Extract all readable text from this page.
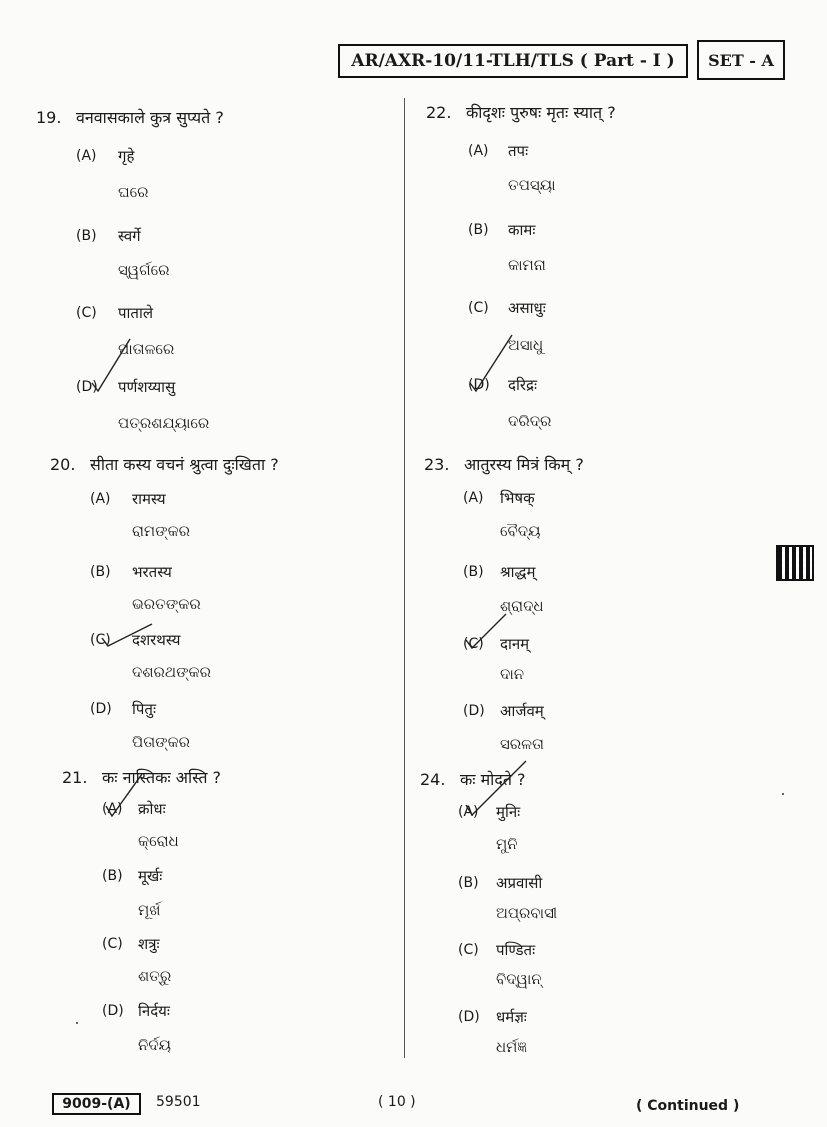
AR/AXR-10/11-TLH/TLS ( Part - I )	SET - A
19. वनवासकाले कुत्र सुप्यते ?
(A) गृहे
ଘରେ
(B) स्वर्गे
ସ୍ୱର୍ଗରେ
(C) पाताले
ପାତାଳରେ
(D) पर्णशय्यासु
ପତ୍ରଶଯ୍ୟାରେ
20. सीता कस्य वचनं श्रुत्वा दुःखिता ?
(A) रामस्य
ରାମଙ୍କର
(B) भरतस्य
ଭରତଙ୍କର
(C) दशरथस्य
ଦଶରଥଙ୍କର
(D) पितुः
ପିତାଙ୍କର
21. कः नास्तिकः अस्ति ?
(A) क्रोधः
କ୍ରୋଧ
(B) मूर्खः
ମୂର୍ଖ
(C) शत्रुः
ଶତ୍ରୁ
(D) निर्दयः
ନିର୍ଦୟ
22. कीदृशः पुरुषः मृतः स्यात् ?
(A) तपः
ତପସ୍ୟା
(B) कामः
କାମନା
(C) असाधुः
ଅସାଧୁ
(D) दरिद्रः
ଦରିଦ୍ର
23. आतुरस्य मित्रं किम् ?
(A) भिषक्
ବୈଦ୍ୟ
(B) श्राद्धम्
ଶ୍ରାଦ୍ଧ
(C) दानम्
ଦାନ
(D) आर्जवम्
ସରଳତା
24. कः मोदते ?
(A) मुनिः
ମୁନି
(B) अप्रवासी
ଅପ୍ରବାସୀ
(C) पण्डितः
ବିଦ୍ୱାନ୍
(D) धर्मज्ञः
ଧର୍ମଜ୍ଞ
9009-(A)	59501	( 10 )	( Continued )
